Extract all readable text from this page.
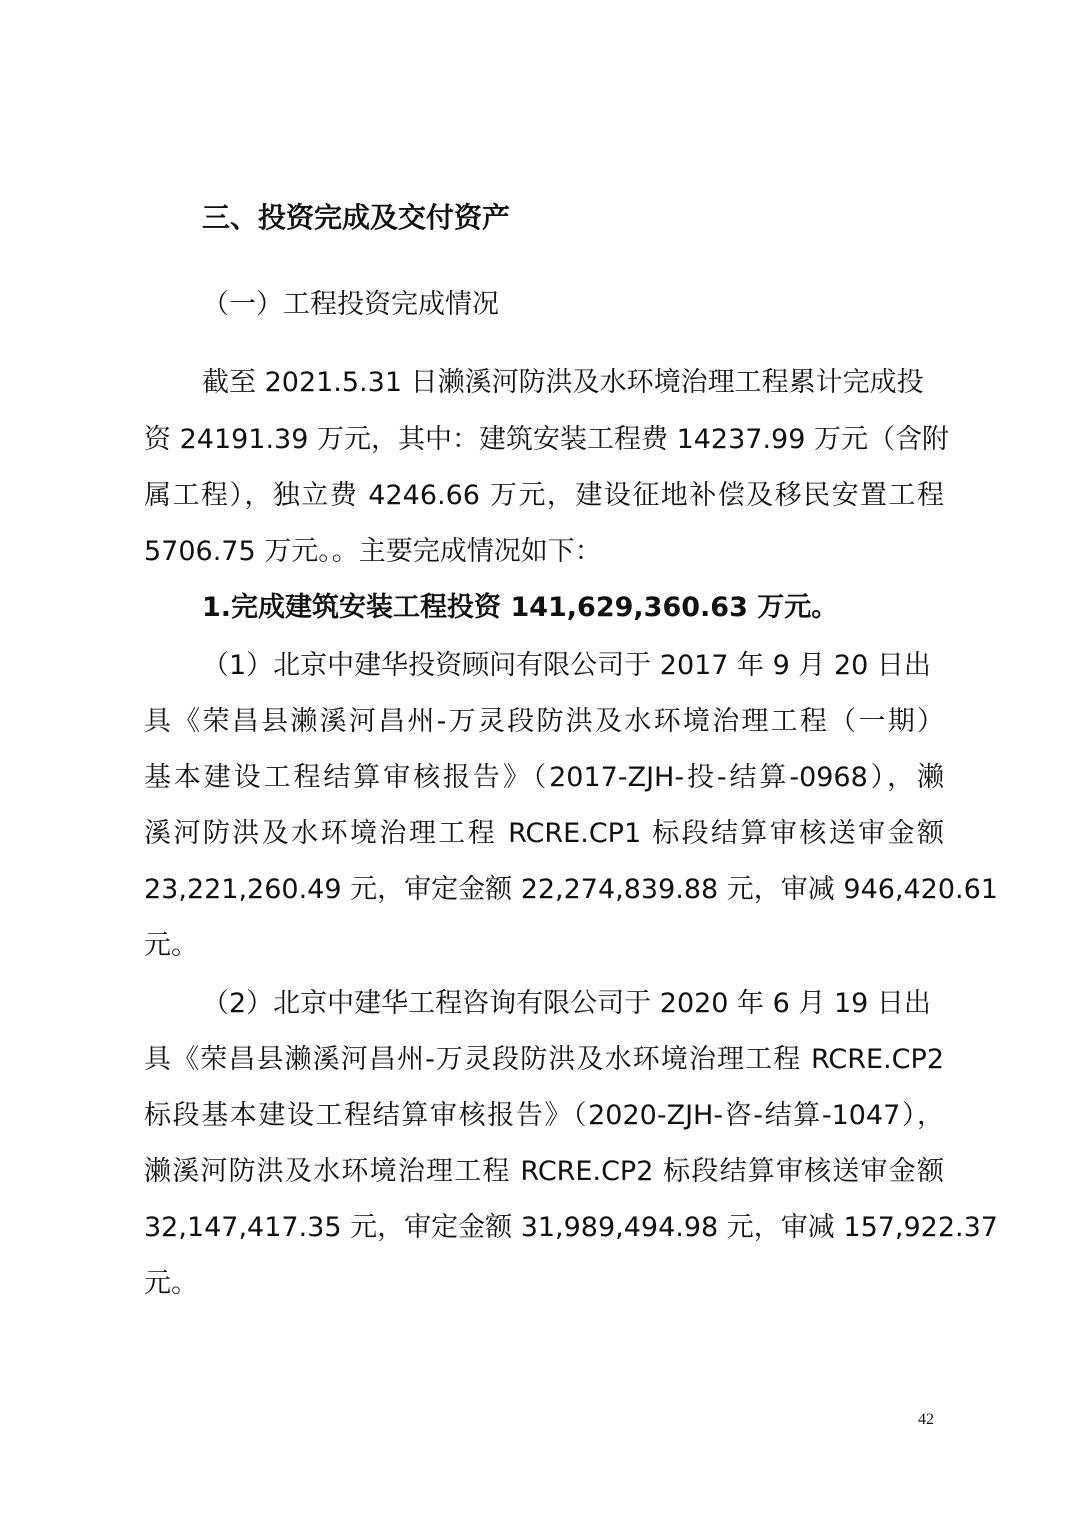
三、投资完成及交付资产
（一）工程投资完成情况
截至 2021.5.31 日濑溪河防洪及水环境治理工程累计完成投
资 24191.39 万元，其中：建筑安装工程费 14237.99 万元（含附
属工程），独立费 4246.66 万元，建设征地补偿及移民安置工程
5706.75 万元。。主要完成情况如下：
1.完成建筑安装工程投资 141,629,360.63 万元。
（1）北京中建华投资顾问有限公司于 2017 年 9 月 20 日出
具《荣昌县濑溪河昌州-万灵段防洪及水环境治理工程（一期）
基本建设工程结算审核报告》（2017-ZJH-投-结算-0968），濑
溪河防洪及水环境治理工程 RCRE.CP1 标段结算审核送审金额
23,221,260.49 元，审定金额 22,274,839.88 元，审减 946,420.61
元。
（2）北京中建华工程咨询有限公司于 2020 年 6 月 19 日出
具《荣昌县濑溪河昌州-万灵段防洪及水环境治理工程 RCRE.CP2
标段基本建设工程结算审核报告》（2020-ZJH-咨-结算-1047），
濑溪河防洪及水环境治理工程 RCRE.CP2 标段结算审核送审金额
32,147,417.35 元，审定金额 31,989,494.98 元，审减 157,922.37
元。
42
